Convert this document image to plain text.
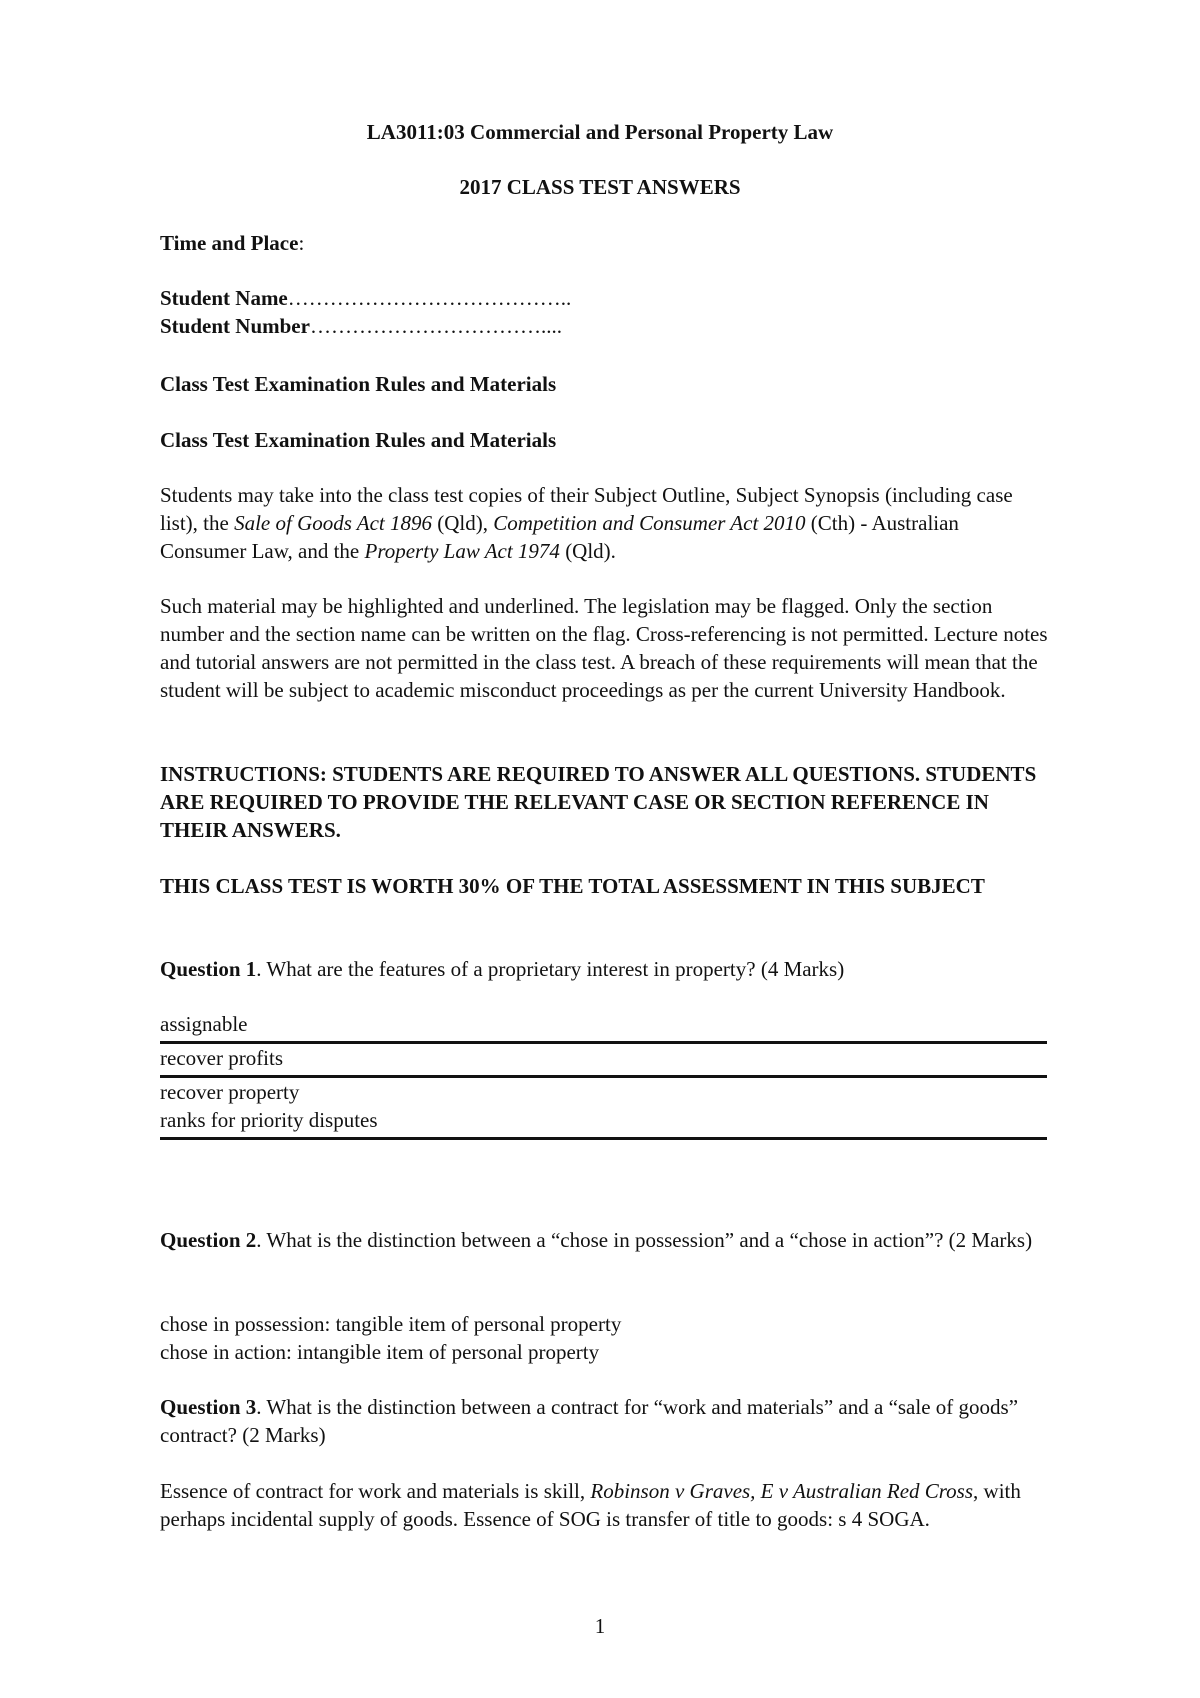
LA3011:03 Commercial and Personal Property Law

2017 CLASS TEST ANSWERS

Time and Place:

Student Name…………………………………..

Student Number……………………………....

Class Test Examination Rules and Materials

Class Test Examination Rules and Materials

Students may take into the class test copies of their Subject Outline, Subject Synopsis (including case list), the Sale of Goods Act 1896 (Qld), Competition and Consumer Act 2010 (Cth) - Australian Consumer Law, and the Property Law Act 1974 (Qld).

Such material may be highlighted and underlined. The legislation may be flagged. Only the section number and the section name can be written on the flag. Cross-referencing is not permitted. Lecture notes and tutorial answers are not permitted in the class test. A breach of these requirements will mean that the student will be subject to academic misconduct proceedings as per the current University Handbook.

INSTRUCTIONS: STUDENTS ARE REQUIRED TO ANSWER ALL QUESTIONS. STUDENTS ARE REQUIRED TO PROVIDE THE RELEVANT CASE OR SECTION REFERENCE IN THEIR ANSWERS.

THIS CLASS TEST IS WORTH 30% OF THE TOTAL ASSESSMENT IN THIS SUBJECT

Question 1. What are the features of a proprietary interest in property? (4 Marks)

assignable

recover profits

recover property

ranks for priority disputes

Question 2. What is the distinction between a “chose in possession” and a “chose in action”? (2 Marks)

chose in possession: tangible item of personal property

chose in action: intangible item of personal property

Question 3. What is the distinction between a contract for “work and materials” and a “sale of goods” contract? (2 Marks)

Essence of contract for work and materials is skill, Robinson v Graves, E v Australian Red Cross, with perhaps incidental supply of goods. Essence of SOG is transfer of title to goods: s 4 SOGA.

1
